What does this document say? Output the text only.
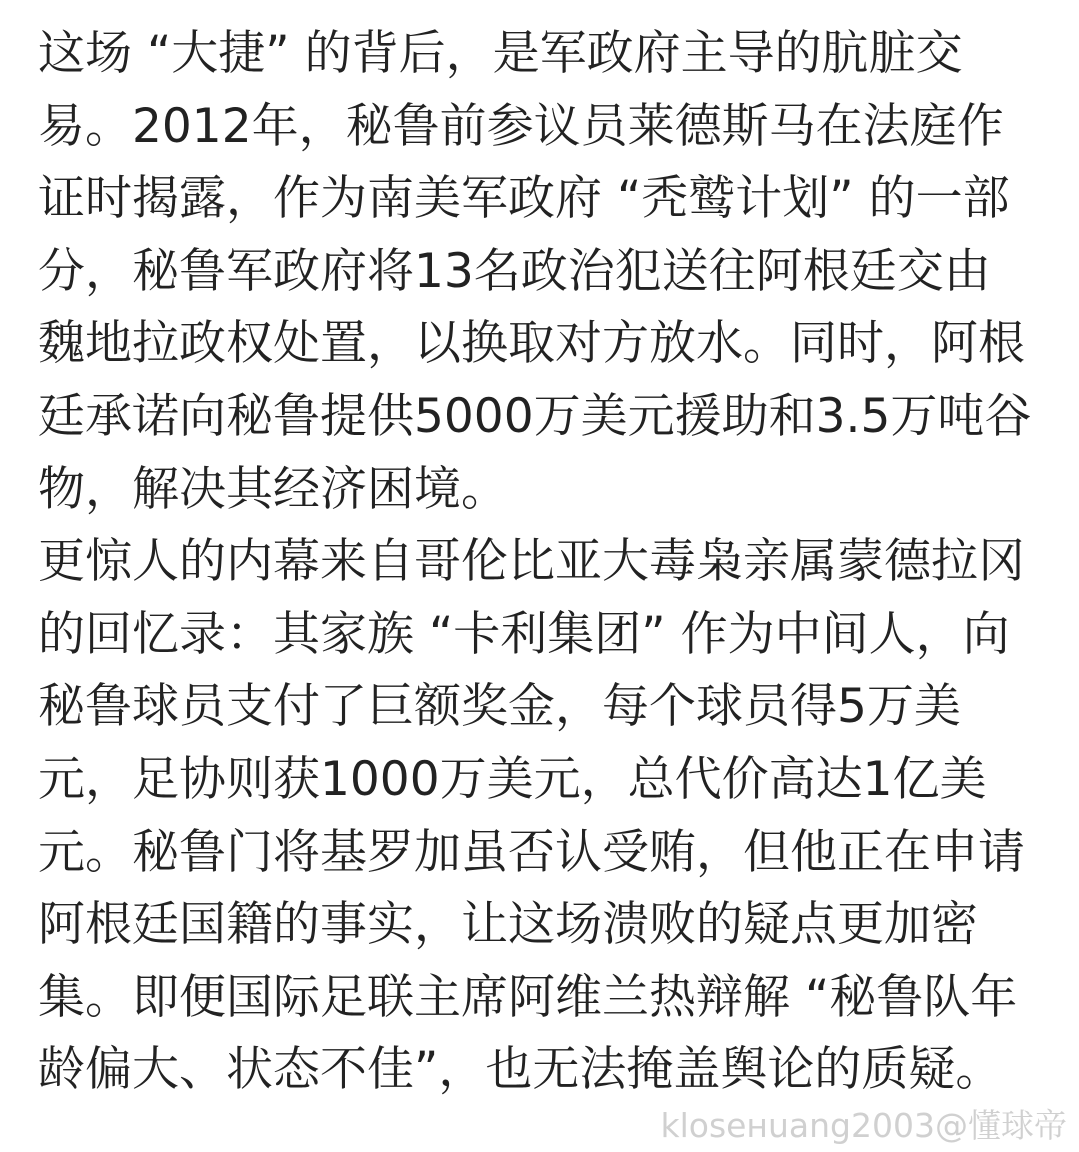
这场 “大捷” 的背后，是军政府主导的肮脏交
易。2012年，秘鲁前参议员莱德斯马在法庭作
证时揭露，作为南美军政府 “秃鹫计划” 的一部
分，秘鲁军政府将13名政治犯送往阿根廷交由
魏地拉政权处置，以换取对方放水。同时，阿根
廷承诺向秘鲁提供5000万美元援助和3.5万吨谷
物，解决其经济困境。
更惊人的内幕来自哥伦比亚大毒枭亲属蒙德拉冈
的回忆录：其家族 “卡利集团” 作为中间人，向
秘鲁球员支付了巨额奖金，每个球员得5万美
元，足协则获1000万美元，总代价高达1亿美
元。秘鲁门将基罗加虽否认受贿，但他正在申请
阿根廷国籍的事实，让这场溃败的疑点更加密
集。即便国际足联主席阿维兰热辩解 “秘鲁队年
龄偏大、状态不佳”，也无法掩盖舆论的质疑。
kloseнuang2003@懂球帝
